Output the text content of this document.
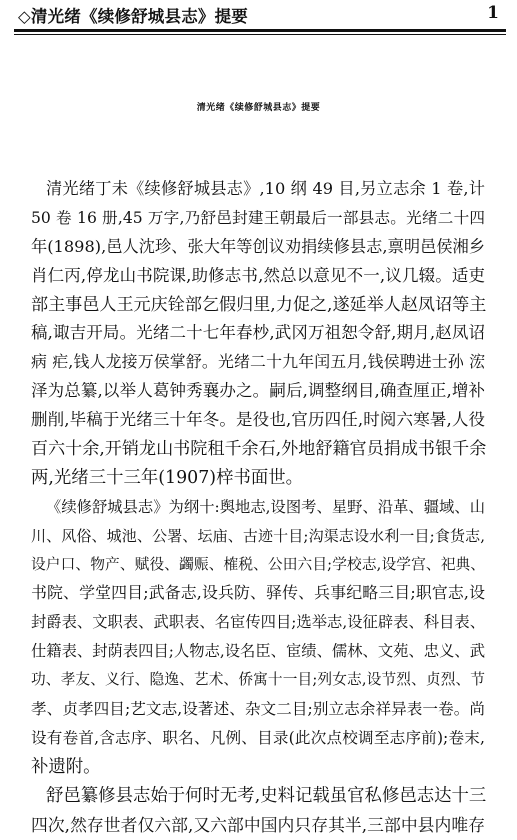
◇清光绪《续修舒城县志》提要	1
清光绪《续修舒城县志》提要
清光绪丁未《续修舒城县志》,10 纲 49 目,另立志余 1 卷,计
50 卷 16 册,45 万字,乃舒邑封建王朝最后一部县志。光绪二十四
年(1898),邑人沈珍、张大年等创议劝捐续修县志,禀明邑侯湘乡
肖仁丙,停龙山书院课,助修志书,然总以意见不一,议几辍。适吏
部主事邑人王元庆铨部乞假归里,力促之,遂延举人赵凤诏等主
稿,诹吉开局。光绪二十七年春杪,武冈万祖恕令舒,期月,赵凤诏
病 疟,钱人龙接万侯掌舒。光绪二十九年闰五月,钱侯聘进士孙 浤
泽为总纂,以举人葛钟秀襄办之。嗣后,调整纲目,确查厘正,增补
删削,毕稿于光绪三十年冬。是役也,官历四任,时阅六寒暑,人役
百六十余,开销龙山书院租千余石,外地舒籍官员捐成书银千余
两,光绪三十三年(1907)梓书面世。
《续修舒城县志》为纲十:舆地志,设图考、星野、沿革、疆域、山
川、风俗、城池、公署、坛庙、古迹十目;沟渠志设水利一目;食货志,
设户口、物产、赋役、蠲赈、榷税、公田六目;学校志,设学宫、祀典、
书院、学堂四目;武备志,设兵防、驿传、兵事纪略三目;职官志,设
封爵表、文职表、武职表、名宦传四目;选举志,设征辟表、科目表、
仕籍表、封荫表四目;人物志,设名臣、宦绩、儒林、文苑、忠义、武
功、孝友、义行、隐逸、艺术、侨寓十一目;列女志,设节烈、贞烈、节
孝、贞孝四目;艺文志,设著述、杂文二目;别立志余祥异表一卷。尚
设有卷首,含志序、职名、凡例、目录(此次点校调至志序前);卷末,
补遗附。
舒邑纂修县志始于何时无考,史料记载虽官私修邑志达十三
四次,然存世者仅六部,又六部中国内只存其半,三部中县内唯存
